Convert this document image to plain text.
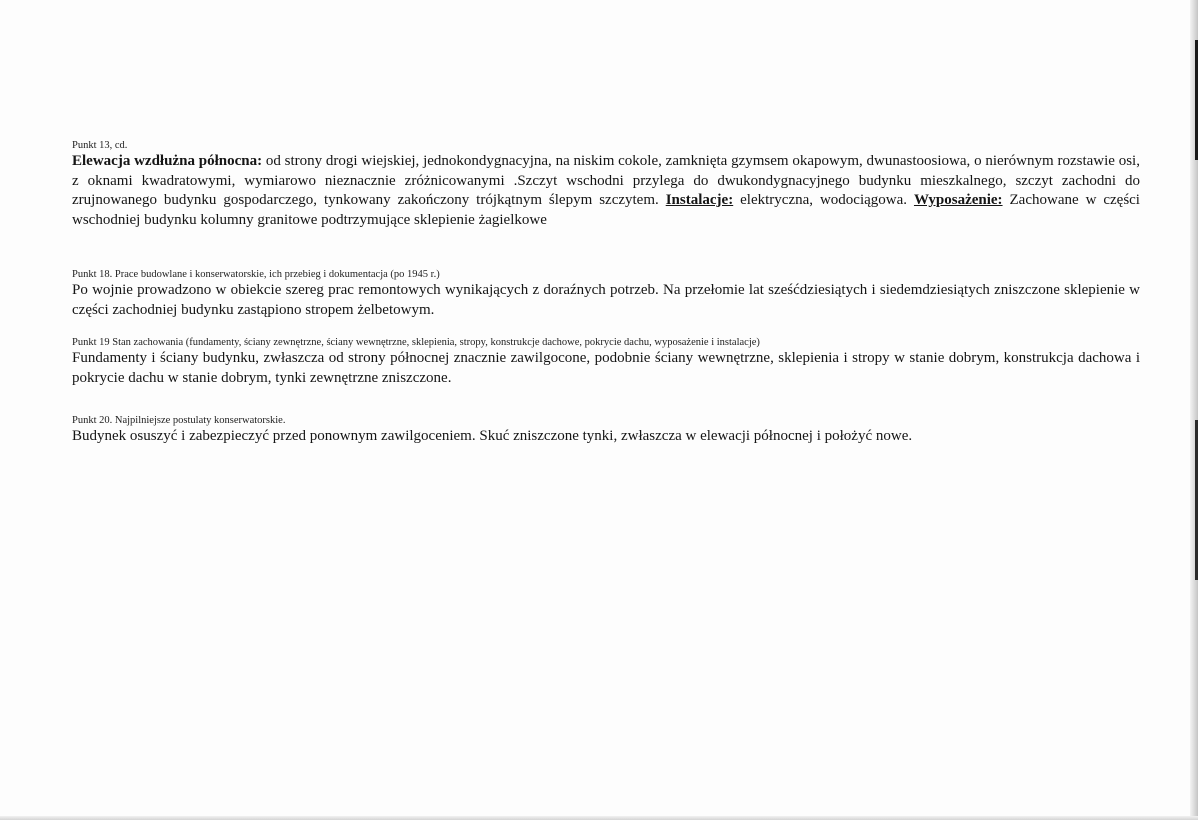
Punkt 13, cd.
Elewacja wzdłużna północna: od strony drogi wiejskiej, jednokondygnacyjna, na niskim cokole, zamknięta gzymsem okapowym, dwunastoosiowa, o nierównym rozstawie osi, z oknami kwadratowymi, wymiarowo nieznacznie zróżnicowanymi .Szczyt wschodni przylega do dwukondygnacyjnego budynku mieszkalnego, szczyt zachodni do zrujnowanego budynku gospodarczego, tynkowany zakończony trójkątnym ślepym szczytem. Instalacje: elektryczna, wodociągowa. Wyposażenie: Zachowane w części wschodniej budynku kolumny granitowe podtrzymujące sklepienie żagielkowe
Punkt 18. Prace budowlane i konserwatorskie, ich przebieg i dokumentacja (po 1945 r.)
Po wojnie prowadzono w obiekcie szereg prac remontowych wynikających z doraźnych potrzeb. Na przełomie lat sześćdziesiątych i siedemdziesiątych zniszczone sklepienie w części zachodniej budynku zastąpiono stropem żelbetowym.
Punkt 19 Stan zachowania (fundamenty, ściany zewnętrzne, ściany wewnętrzne, sklepienia, stropy, konstrukcje dachowe, pokrycie dachu, wyposażenie i instalacje)
Fundamenty i ściany budynku, zwłaszcza od strony północnej znacznie zawilgocone, podobnie ściany wewnętrzne, sklepienia i stropy w stanie dobrym, konstrukcja dachowa i pokrycie dachu w stanie dobrym, tynki zewnętrzne zniszczone.
Punkt 20. Najpilniejsze postulaty konserwatorskie.
Budynek osuszyć i zabezpieczyć przed ponownym zawilgoceniem. Skuć zniszczone tynki, zwłaszcza w elewacji północnej i położyć nowe.
